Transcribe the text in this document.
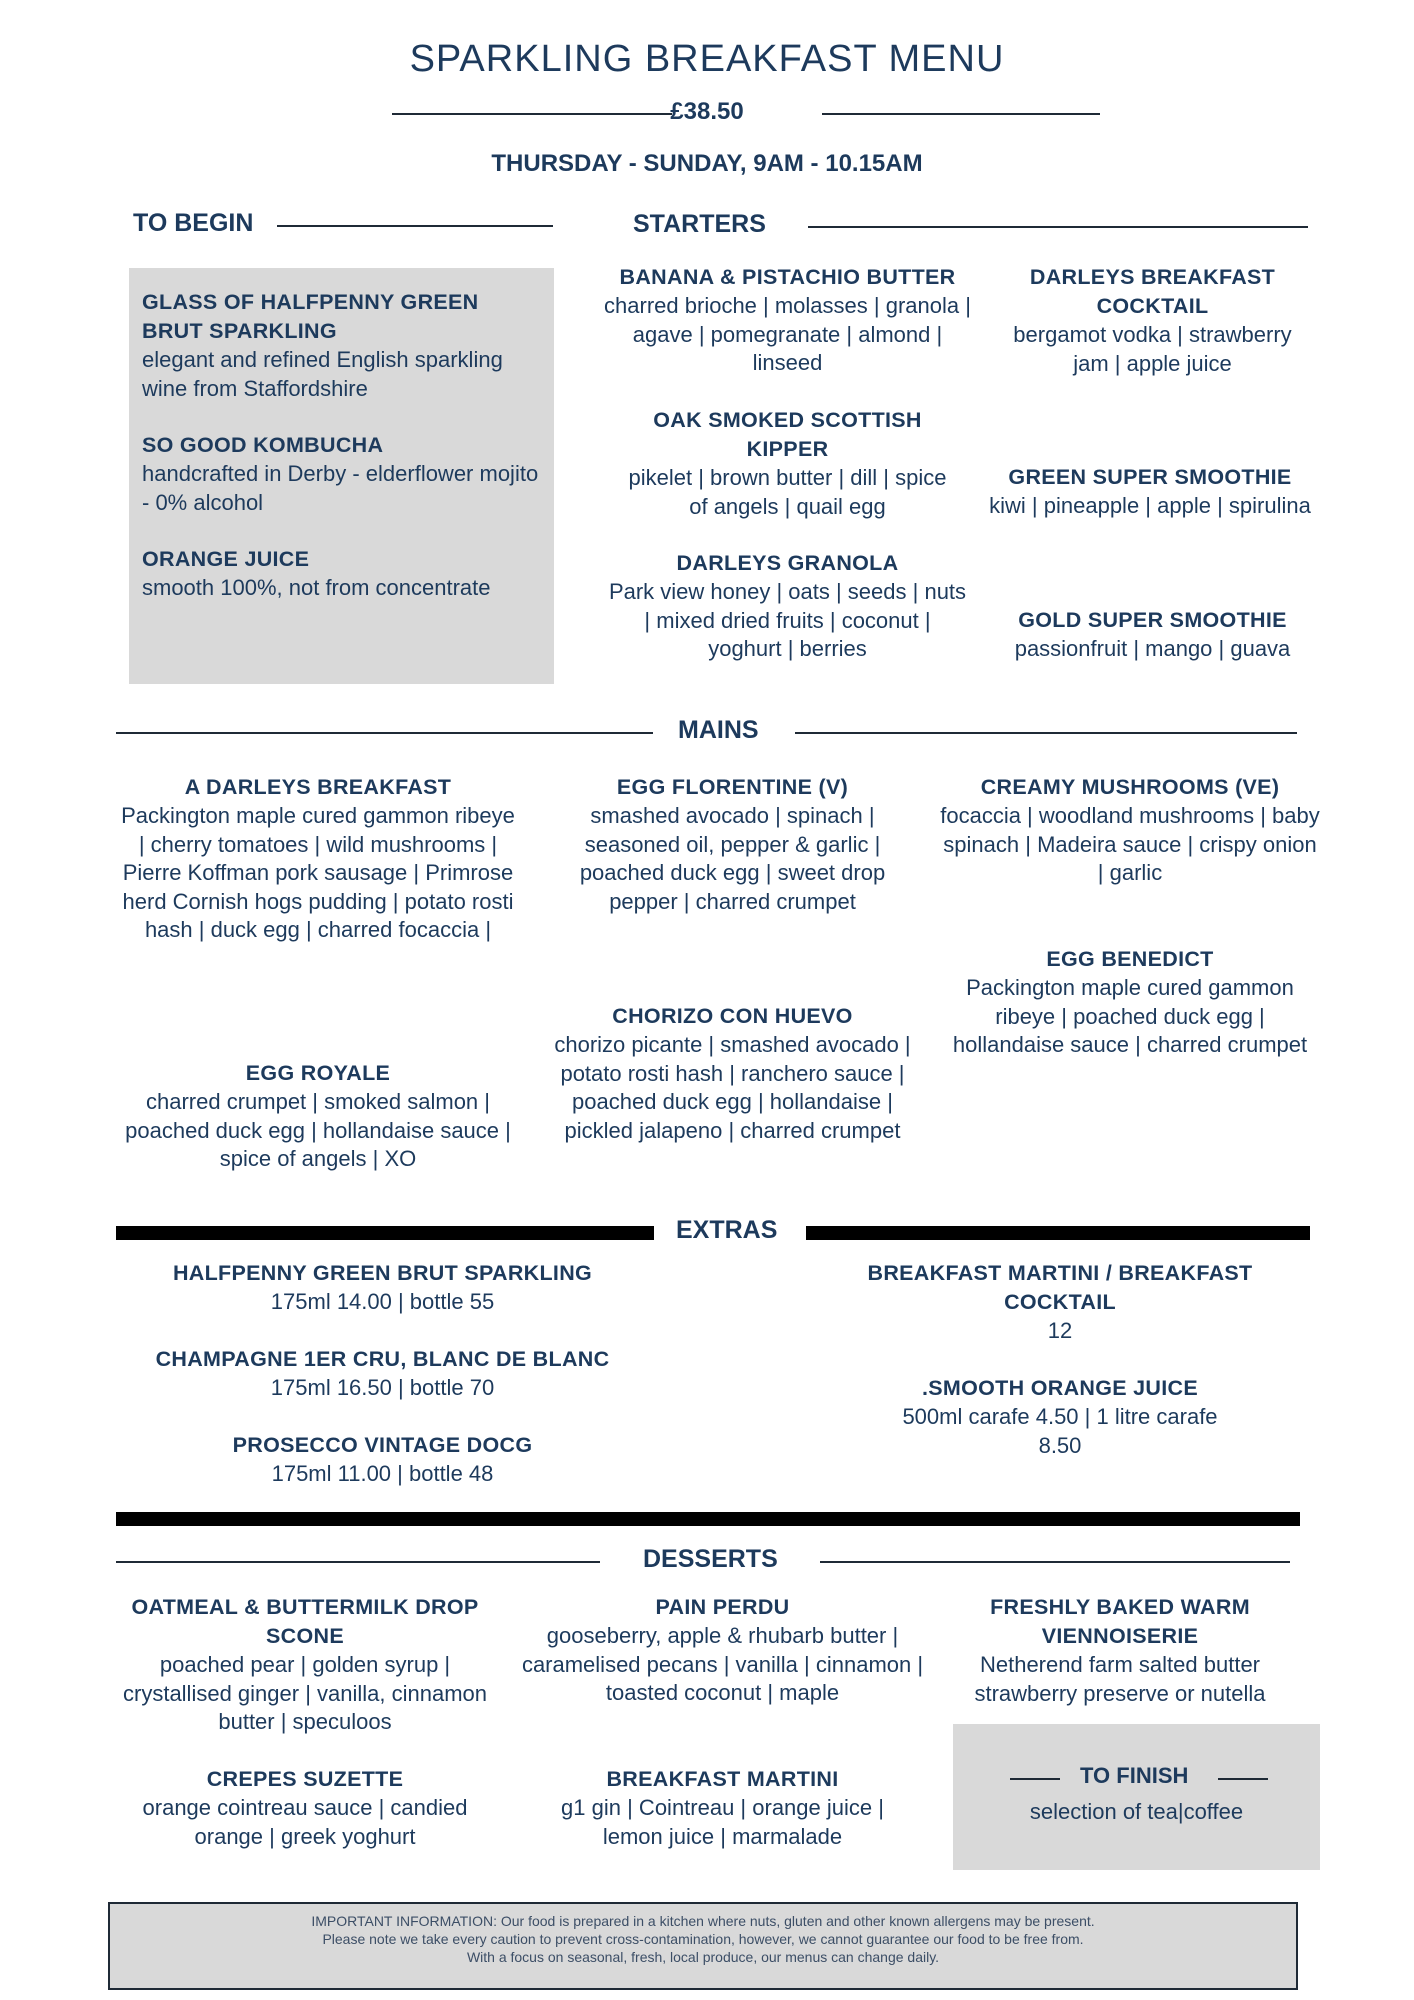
SPARKLING BREAKFAST MENU
£38.50
THURSDAY - SUNDAY, 9AM - 10.15AM
TO BEGIN
GLASS OF HALFPENNY GREEN BRUT SPARKLING
elegant and refined English sparkling wine from Staffordshire
SO GOOD KOMBUCHA
handcrafted in Derby - elderflower mojito - 0% alcohol
ORANGE JUICE
smooth 100%, not from concentrate
STARTERS
BANANA & PISTACHIO BUTTER
charred brioche | molasses | granola | agave | pomegranate | almond | linseed
OAK SMOKED SCOTTISH KIPPER
pikelet | brown butter | dill | spice of angels | quail egg
DARLEYS GRANOLA
Park view honey | oats | seeds | nuts | mixed dried fruits | coconut | yoghurt | berries
DARLEYS BREAKFAST COCKTAIL
bergamot vodka | strawberry jam | apple juice
GREEN SUPER SMOOTHIE
kiwi | pineapple | apple | spirulina
GOLD SUPER SMOOTHIE
passionfruit | mango | guava
MAINS
A DARLEYS BREAKFAST
Packington maple cured gammon ribeye | cherry tomatoes | wild mushrooms | Pierre Koffman pork sausage | Primrose herd Cornish hogs pudding | potato rosti hash | duck egg | charred focaccia |
EGG ROYALE
charred crumpet | smoked salmon | poached duck egg | hollandaise sauce | spice of angels | XO
EGG FLORENTINE (V)
smashed avocado | spinach | seasoned oil, pepper & garlic | poached duck egg | sweet drop pepper | charred crumpet
CHORIZO CON HUEVO
chorizo picante | smashed avocado | potato rosti hash | ranchero sauce | poached duck egg | hollandaise | pickled jalapeno | charred crumpet
CREAMY MUSHROOMS (VE)
focaccia | woodland mushrooms | baby spinach | Madeira sauce | crispy onion | garlic
EGG BENEDICT
Packington maple cured gammon ribeye | poached duck egg | hollandaise sauce | charred crumpet
EXTRAS
HALFPENNY GREEN BRUT SPARKLING
175ml 14.00 | bottle 55
CHAMPAGNE 1ER CRU, BLANC DE BLANC
175ml 16.50 | bottle 70
PROSECCO VINTAGE DOCG
175ml 11.00 | bottle 48
BREAKFAST MARTINI / BREAKFAST COCKTAIL
12
.SMOOTH ORANGE JUICE
500ml carafe 4.50 | 1 litre carafe 8.50
DESSERTS
OATMEAL & BUTTERMILK DROP SCONE
poached pear | golden syrup | crystallised ginger | vanilla, cinnamon butter | speculoos
CREPES SUZETTE
orange cointreau sauce | candied orange | greek yoghurt
PAIN PERDU
gooseberry, apple & rhubarb butter | caramelised pecans | vanilla | cinnamon | toasted coconut | maple
BREAKFAST MARTINI
g1 gin | Cointreau | orange juice | lemon juice | marmalade
FRESHLY BAKED WARM VIENNOISERIE
Netherend farm salted butter strawberry preserve or nutella
TO FINISH
selection of tea|coffee
IMPORTANT INFORMATION: Our food is prepared in a kitchen where nuts, gluten and other known allergens may be present.
Please note we take every caution to prevent cross-contamination, however, we cannot guarantee our food to be free from.
With a focus on seasonal, fresh, local produce, our menus can change daily.
